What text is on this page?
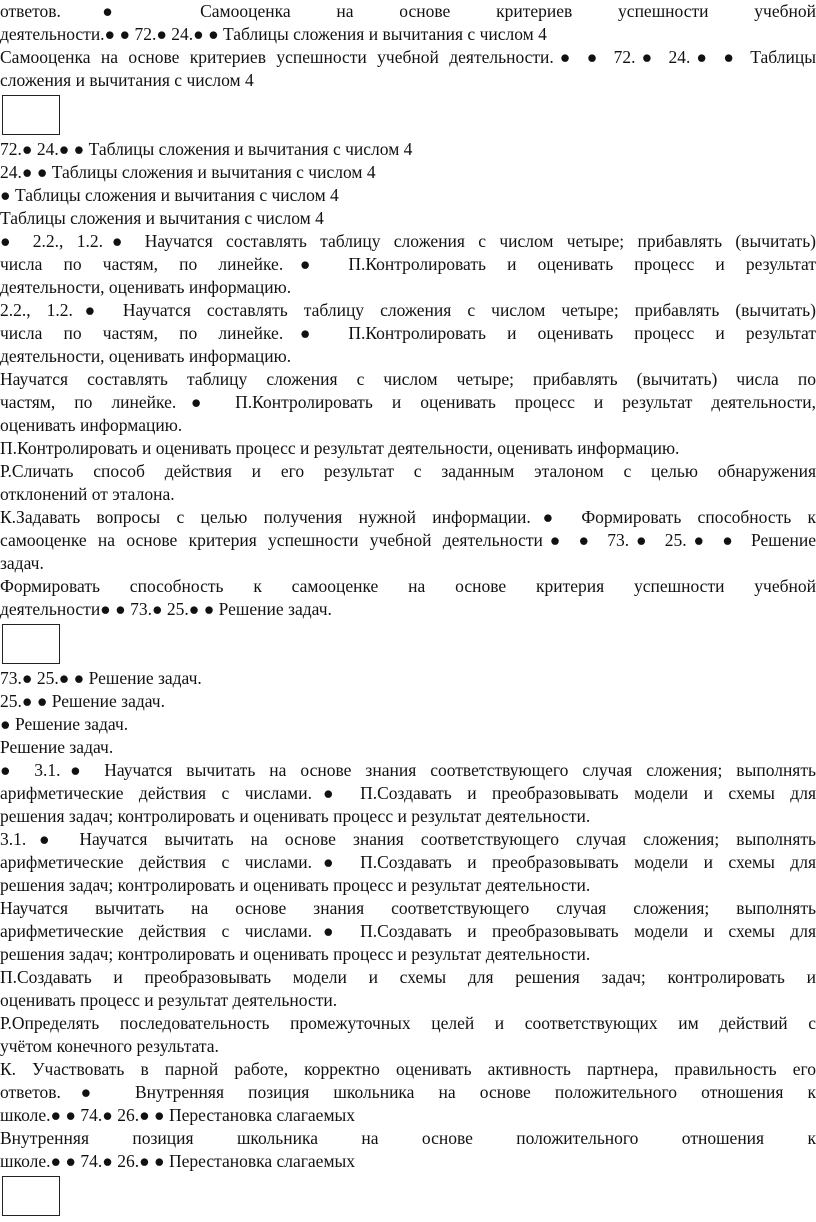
ответов.● Самооценка на основе критериев успешности учебной

деятельности.● ● 72.● 24.● ● Таблицы сложения и вычитания с числом 4

Самооценка на основе критериев успешности учебной деятельности.● ● 72.● 24.● ● Таблицы

сложения и вычитания с числом 4

72.● 24.● ● Таблицы сложения и вычитания с числом 4

24.● ● Таблицы сложения и вычитания с числом 4

● Таблицы сложения и вычитания с числом 4

Таблицы сложения и вычитания с числом 4

● 2.2., 1.2.● Научатся составлять таблицу сложения с числом четыре; прибавлять (вычитать)

числа по частям, по линейке.● П.Контролировать и оценивать процесс и результат

деятельности, оценивать информацию.

2.2., 1.2.● Научатся составлять таблицу сложения с числом четыре; прибавлять (вычитать)

числа по частям, по линейке.● П.Контролировать и оценивать процесс и результат

деятельности, оценивать информацию.

Научатся составлять таблицу сложения с числом четыре; прибавлять (вычитать) числа по

частям, по линейке.● П.Контролировать и оценивать процесс и результат деятельности,

оценивать информацию.

П.Контролировать и оценивать процесс и результат деятельности, оценивать информацию.

Р.Сличать способ действия и его результат с заданным эталоном с целью обнаружения

отклонений от эталона.

К.Задавать вопросы с целью получения нужной информации.● Формировать способность к

самооценке на основе критерия успешности учебной деятельности● ● 73.● 25.● ● Решение

задач.

Формировать способность к самооценке на основе критерия успешности учебной

деятельности● ● 73.● 25.● ● Решение задач.

73.● 25.● ● Решение задач.

25.● ● Решение задач.

● Решение задач.

Решение задач.

● 3.1.● Научатся вычитать на основе знания соответствующего случая сложения; выполнять

арифметические действия с числами.● П.Создавать и преобразовывать модели и схемы для

решения задач; контролировать и оценивать процесс и результат деятельности.

3.1.● Научатся вычитать на основе знания соответствующего случая сложения; выполнять

арифметические действия с числами.● П.Создавать и преобразовывать модели и схемы для

решения задач; контролировать и оценивать процесс и результат деятельности.

Научатся вычитать на основе знания соответствующего случая сложения; выполнять

арифметические действия с числами.● П.Создавать и преобразовывать модели и схемы для

решения задач; контролировать и оценивать процесс и результат деятельности.

П.Создавать и преобразовывать модели и схемы для решения задач; контролировать и

оценивать процесс и результат деятельности.

Р.Определять последовательность промежуточных целей и соответствующих им действий с

учётом конечного результата.

К. Участвовать в парной работе, корректно оценивать активность партнера, правильность его

ответов.● Внутренняя позиция школьника на основе положительного отношения к

школе.● ● 74.● 26.● ● Перестановка слагаемых

Внутренняя позиция школьника на основе положительного отношения к

школе.● ● 74.● 26.● ● Перестановка слагаемых
